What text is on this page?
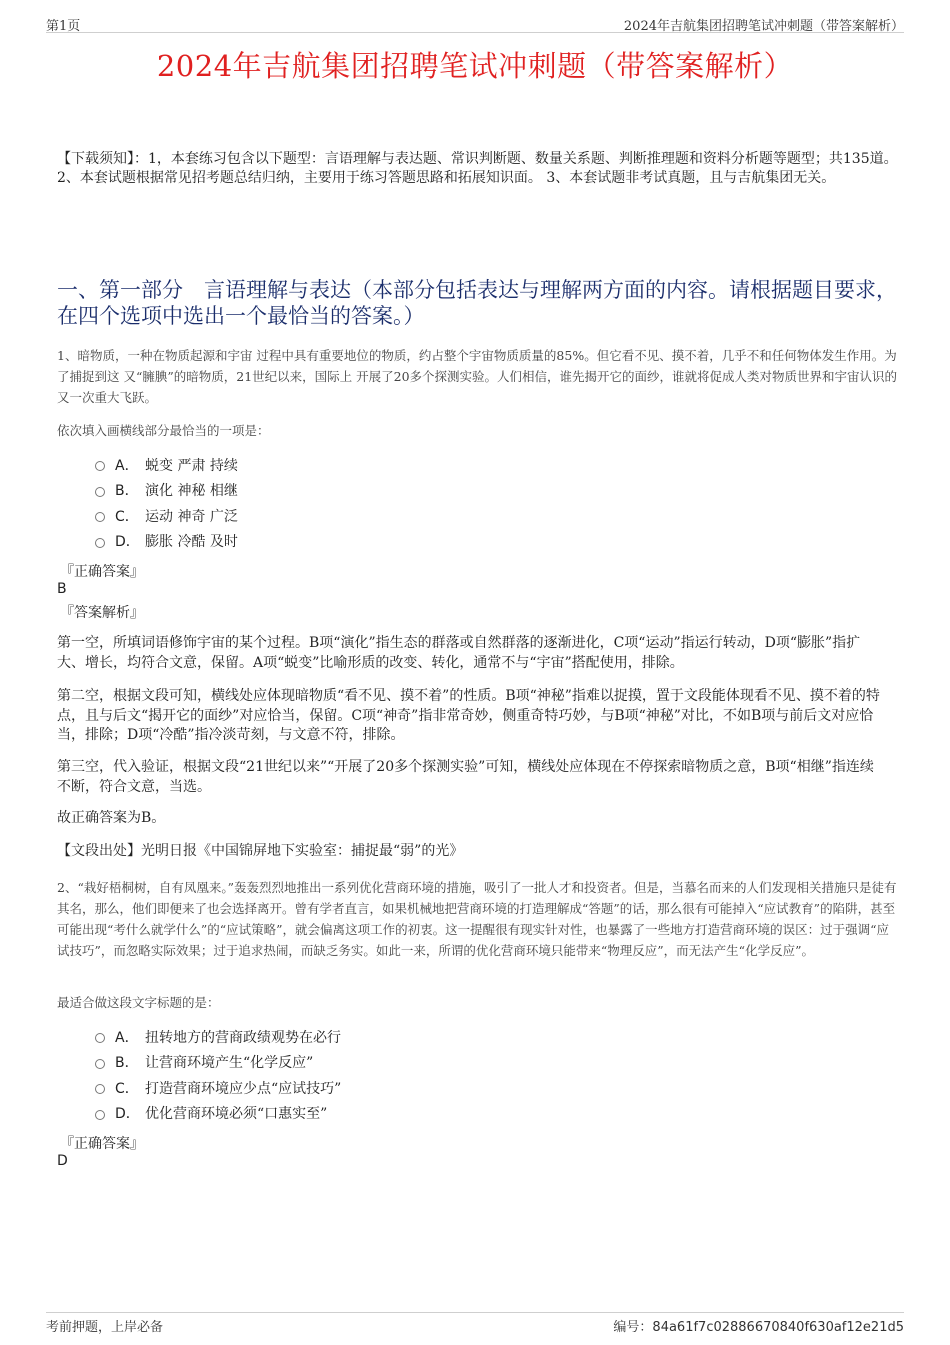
第1页	2024年吉航集团招聘笔试冲刺题（带答案解析）
2024年吉航集团招聘笔试冲刺题（带答案解析）
【下载须知】：1，本套练习包含以下题型：言语理解与表达题、常识判断题、数量关系题、判断推理题和资料分析题等题型；共135道。 2、本套试题根据常见招考题总结归纳，主要用于练习答题思路和拓展知识面。 3、本套试题非考试真题，且与吉航集团无关。
一、第一部分　言语理解与表达（本部分包括表达与理解两方面的内容。请根据题目要求，在四个选项中选出一个最恰当的答案。）
1、暗物质，一种在物质起源和宇宙 过程中具有重要地位的物质，约占整个宇宙物质质量的85%。但它看不见、摸不着，几乎不和任何物体发生作用。为了捕捉到这 又“臃腆”的暗物质，21世纪以来，国际上 开展了20多个探测实验。人们相信，谁先揭开它的面纱，谁就将促成人类对物质世界和宇宙认识的又一次重大飞跃。
依次填入画横线部分最恰当的一项是：
A． 蜕变 严肃 持续
B． 演化 神秘 相继
C． 运动 神奇 广泛
D． 膨胀 冷酷 及时
『正确答案』
B
『答案解析』
第一空，所填词语修饰宇宙的某个过程。B项“演化”指生态的群落或自然群落的逐渐进化，C项“运动”指运行转动，D项“膨胀”指扩大、增长，均符合文意，保留。A项“蜕变”比喻形质的改变、转化，通常不与“宇宙”搭配使用，排除。
第二空，根据文段可知，横线处应体现暗物质“看不见、摸不着”的性质。B项“神秘”指难以捉摸，置于文段能体现看不见、摸不着的特点，且与后文“揭开它的面纱”对应恰当，保留。C项“神奇”指非常奇妙，侧重奇特巧妙，与B项“神秘”对比，不如B项与前后文对应恰当，排除；D项“冷酷”指冷淡苛刻，与文意不符，排除。
第三空，代入验证，根据文段“21世纪以来”“开展了20多个探测实验”可知，横线处应体现在不停探索暗物质之意，B项“相继”指连续不断，符合文意，当选。
故正确答案为B。
【文段出处】光明日报《中国锦屏地下实验室：捕捉最“弱”的光》
2、“栽好梧桐树，自有凤凰来。”轰轰烈烈地推出一系列优化营商环境的措施，吸引了一批人才和投资者。但是，当慕名而来的人们发现相关措施只是徒有其名，那么，他们即便来了也会选择离开。曾有学者直言，如果机械地把营商环境的打造理解成“答题”的话，那么很有可能掉入“应试教育”的陷阱，甚至可能出现“考什么就学什么”的“应试策略”，就会偏离这项工作的初衷。这一提醒很有现实针对性，也暴露了一些地方打造营商环境的误区：过于强调“应试技巧”，而忽略实际效果；过于追求热闹，而缺乏务实。如此一来，所谓的优化营商环境只能带来“物理反应”，而无法产生“化学反应”。
最适合做这段文字标题的是：
A． 扭转地方的营商政绩观势在必行
B． 让营商环境产生“化学反应”
C． 打造营商环境应少点“应试技巧”
D． 优化营商环境必须“口惠实至”
『正确答案』
D
考前押题，上岸必备	编号：84a61f7c02886670840f630af12e21d5
